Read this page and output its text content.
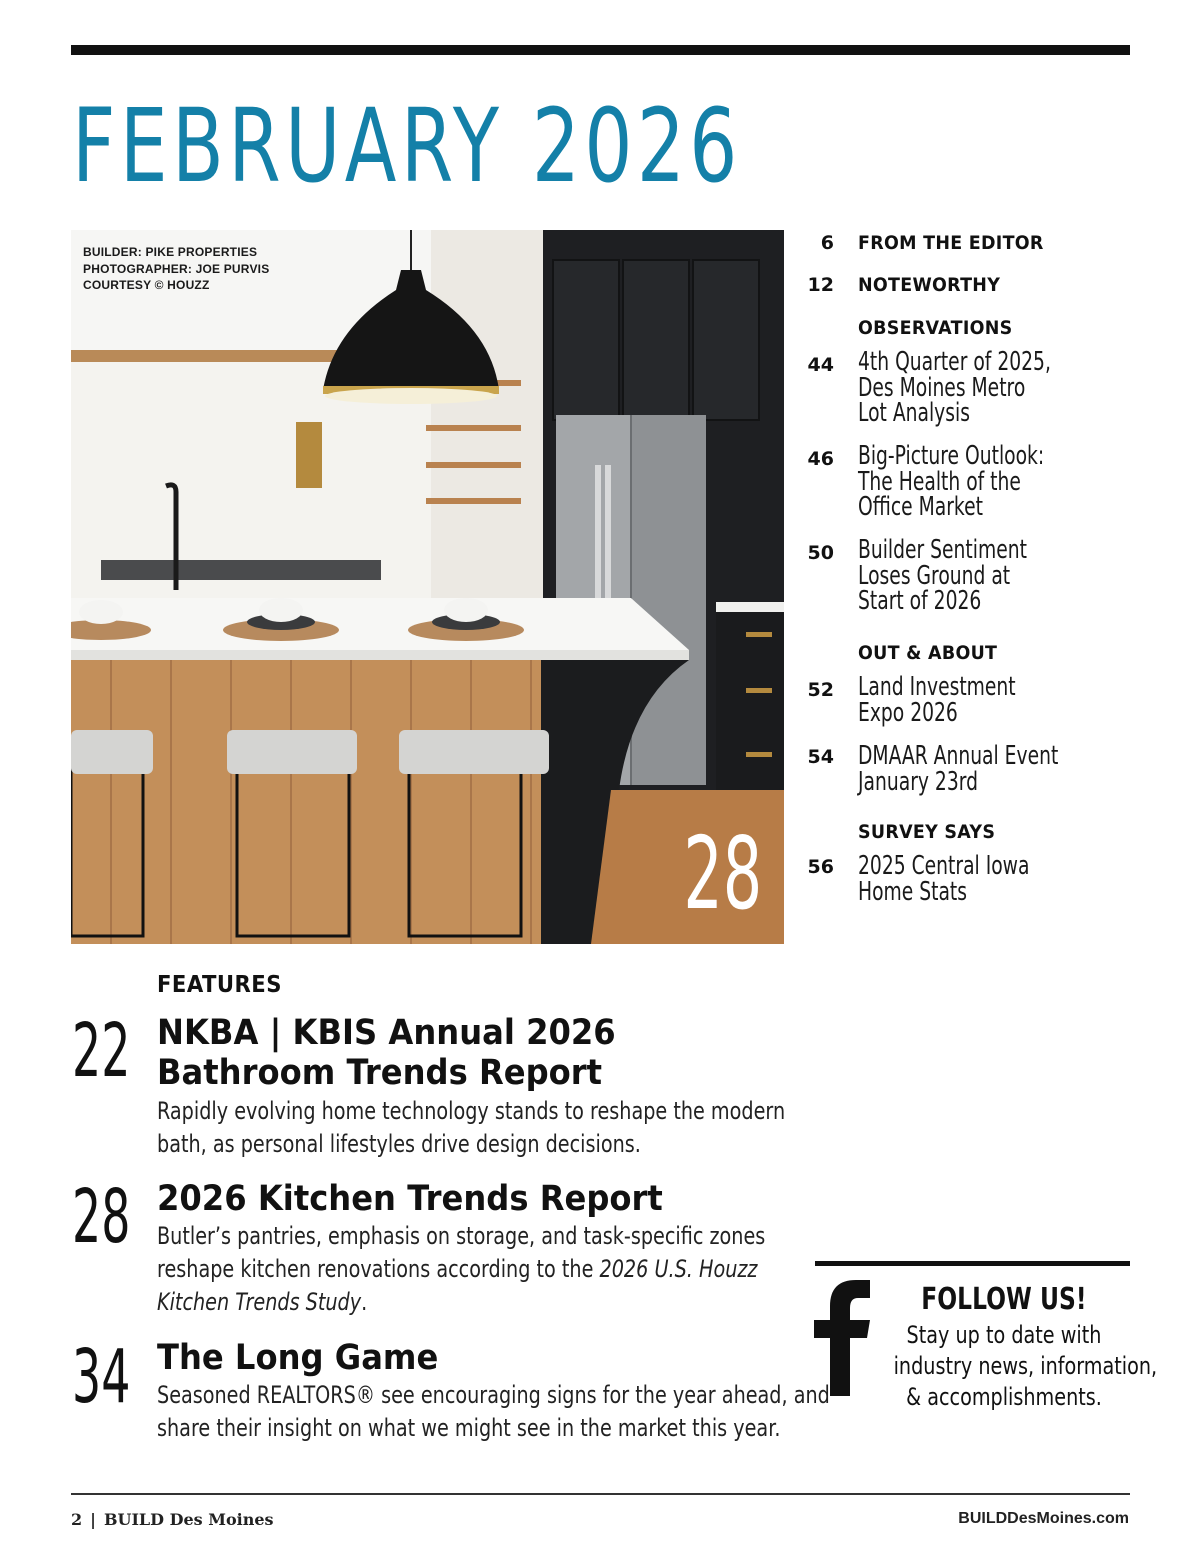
FEBRUARY 2026
BUILDER: PIKE PROPERTIES
PHOTOGRAPHER: JOE PURVIS
COURTESY © HOUZZ
28
6 FROM THE EDITOR
12 NOTEWORTHY
OBSERVATIONS
44 4th Quarter of 2025,
Des Moines Metro
Lot Analysis
46 Big-Picture Outlook:
The Health of the
Office Market
50 Builder Sentiment
Loses Ground at
Start of 2026
OUT & ABOUT
52 Land Investment
Expo 2026
54 DMAAR Annual Event
January 23rd
SURVEY SAYS
56 2025 Central Iowa
Home Stats
FEATURES
22 NKBA | KBIS Annual 2026
Bathroom Trends Report
Rapidly evolving home technology stands to reshape the modern
bath, as personal lifestyles drive design decisions.
28 2026 Kitchen Trends Report
Butler’s pantries, emphasis on storage, and task-specific zones
reshape kitchen renovations according to the 2026 U.S. Houzz
Kitchen Trends Study.
34 The Long Game
Seasoned REALTORS® see encouraging signs for the year ahead, and
share their insight on what we might see in the market this year.
FOLLOW US!
Stay up to date with
industry news, information,
& accomplishments.
2 | BUILD Des Moines	BUILDDesMoines.com
